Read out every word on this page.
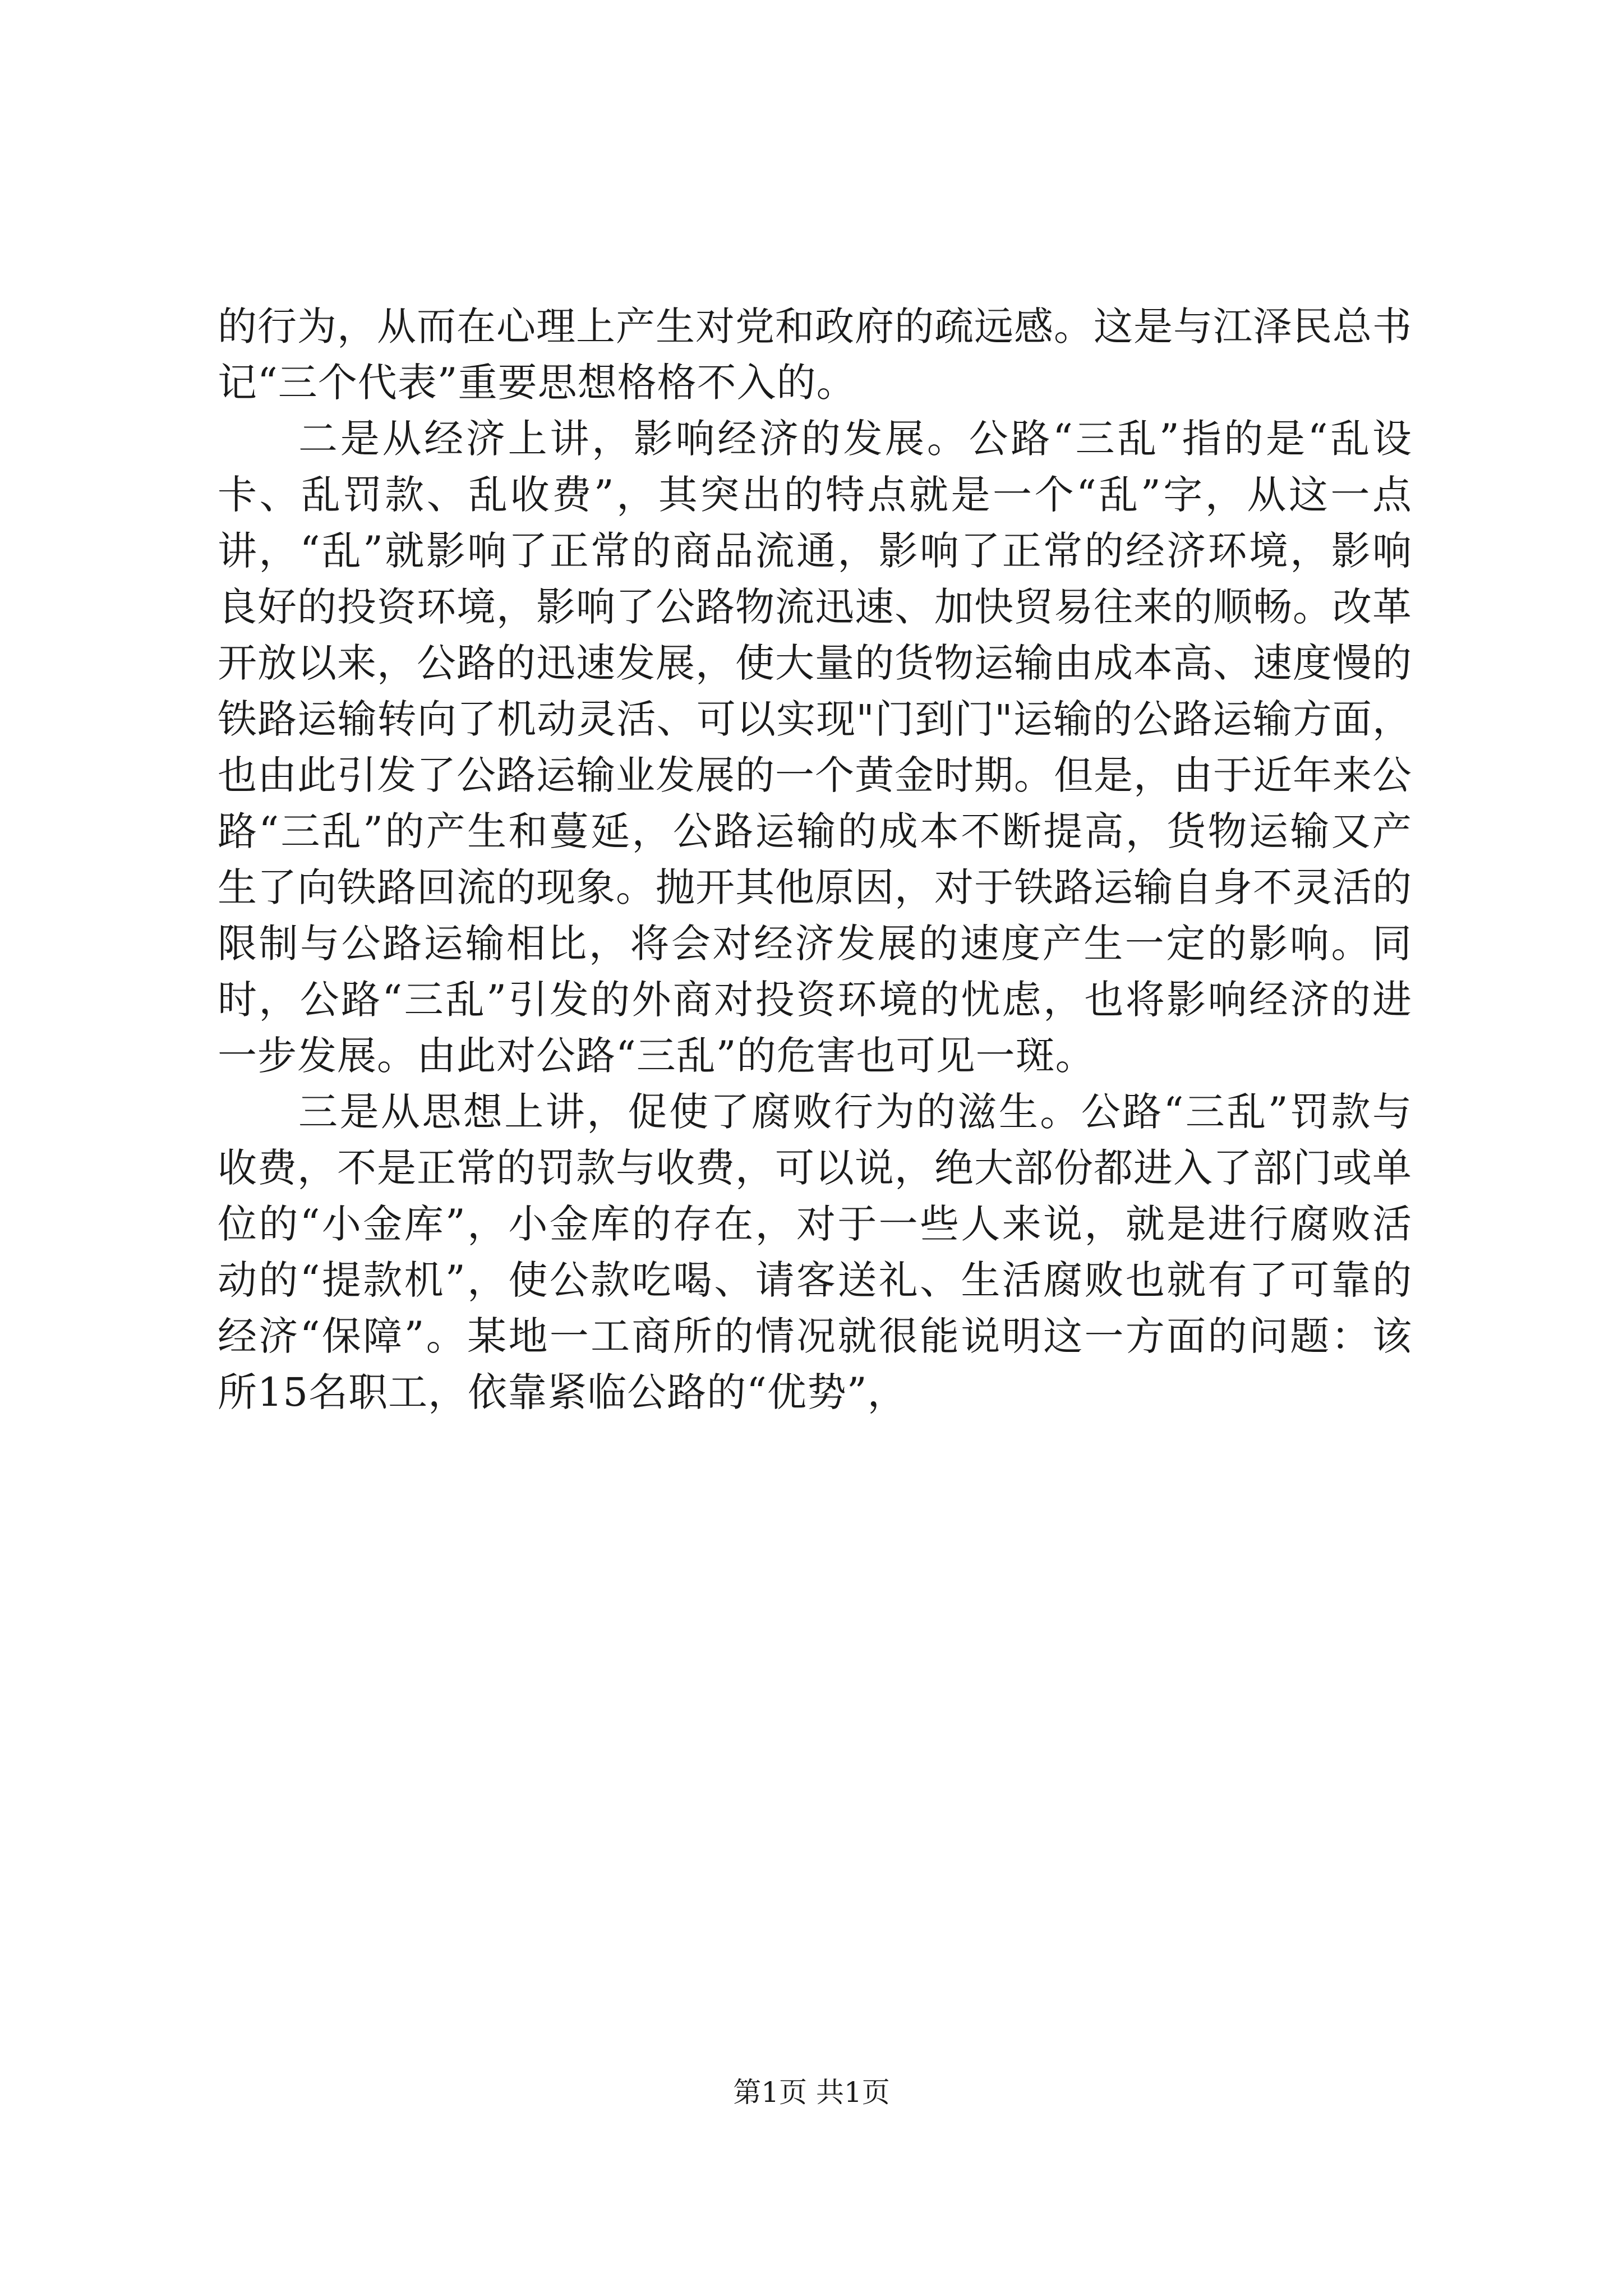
的行为，从而在心理上产生对党和政府的疏远感。这是与江泽民总书记“三个代表”重要思想格格不入的。

二是从经济上讲，影响经济的发展。公路“三乱”指的是“乱设卡、乱罚款、乱收费”，其突出的特点就是一个“乱”字，从这一点讲，“乱”就影响了正常的商品流通，影响了正常的经济环境，影响良好的投资环境，影响了公路物流迅速、加快贸易往来的顺畅。改革开放以来，公路的迅速发展，使大量的货物运输由成本高、速度慢的铁路运输转向了机动灵活、可以实现"门到门"运输的公路运输方面，也由此引发了公路运输业发展的一个黄金时期。但是，由于近年来公路“三乱”的产生和蔓延，公路运输的成本不断提高，货物运输又产生了向铁路回流的现象。抛开其他原因，对于铁路运输自身不灵活的限制与公路运输相比，将会对经济发展的速度产生一定的影响。同时，公路“三乱”引发的外商对投资环境的忧虑，也将影响经济的进一步发展。由此对公路“三乱”的危害也可见一斑。

三是从思想上讲，促使了腐败行为的滋生。公路“三乱”罚款与收费，不是正常的罚款与收费，可以说，绝大部份都进入了部门或单位的“小金库”，小金库的存在，对于一些人来说，就是进行腐败活动的“提款机”，使公款吃喝、请客送礼、生活腐败也就有了可靠的经济“保障”。某地一工商所的情况就很能说明这一方面的问题：该所15名职工，依靠紧临公路的“优势”，

第1页 共1页
